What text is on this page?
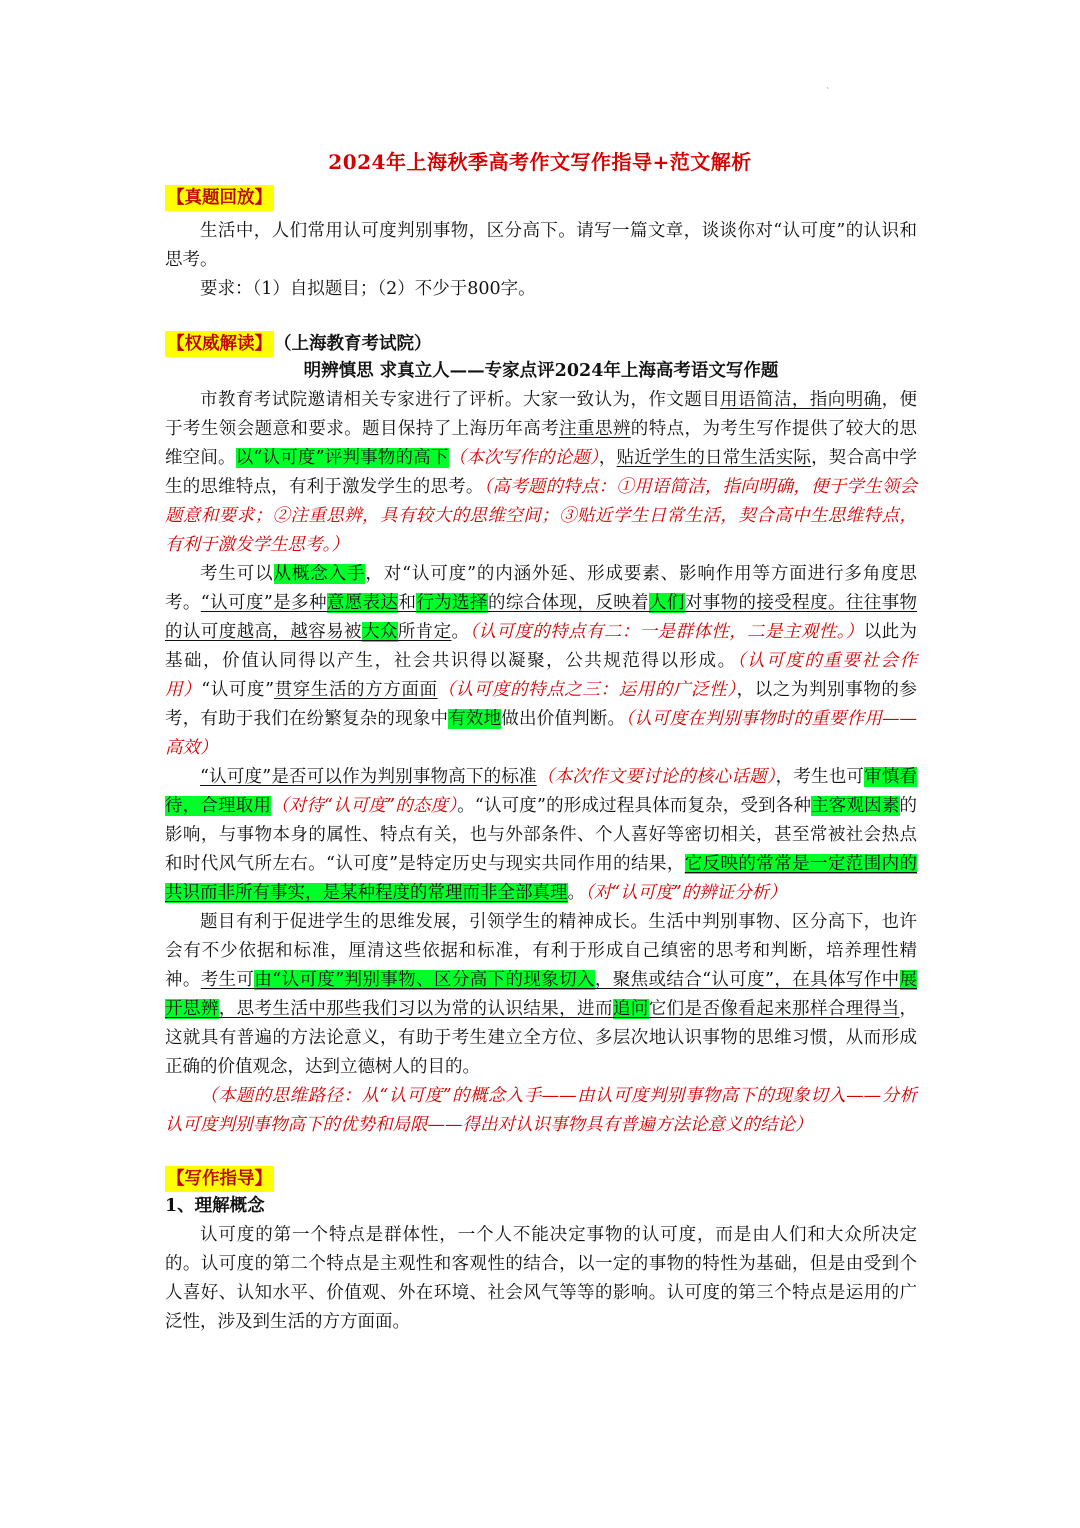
`
2024年上海秋季高考作文写作指导+范文解析
【真题回放】

生活中，人们常用认可度判别事物，区分高下。请写一篇文章，谈谈你对“认可度”的认识和思考。

要求：（1）自拟题目；（2）不少于800字。

【权威解读】 （上海教育考试院）

明辨慎思 求真立人——专家点评2024年上海高考语文写作题

市教育考试院邀请相关专家进行了评析。大家一致认为，作文题目用语简洁，指向明确，便于考生领会题意和要求。题目保持了上海历年高考注重思辨的特点，为考生写作提供了较大的思维空间。以“认可度”评判事物的高下（本次写作的论题），贴近学生的日常生活实际，契合高中学生的思维特点，有利于激发学生的思考。（高考题的特点：①用语简洁，指向明确，便于学生领会题意和要求；②注重思辨，具有较大的思维空间；③贴近学生日常生活，契合高中生思维特点，有利于激发学生思考。）

考生可以从概念入手，对“认可度”的内涵外延、形成要素、影响作用等方面进行多角度思考。“认可度”是多种意愿表达和行为选择的综合体现，反映着人们对事物的接受程度。往往事物的认可度越高，越容易被大众所肯定。（认可度的特点有二：一是群体性，二是主观性。）以此为基础，价值认同得以产生，社会共识得以凝聚，公共规范得以形成。（认可度的重要社会作用）“认可度”贯穿生活的方方面面（认可度的特点之三：运用的广泛性），以之为判别事物的参考，有助于我们在纷繁复杂的现象中有效地做出价值判断。（认可度在判别事物时的重要作用——高效）

“认可度”是否可以作为判别事物高下的标准（本次作文要讨论的核心话题），考生也可审慎看待，合理取用（对待“认可度”的态度）。“认可度”的形成过程具体而复杂，受到各种主客观因素的影响，与事物本身的属性、特点有关，也与外部条件、个人喜好等密切相关，甚至常被社会热点和时代风气所左右。“认可度”是特定历史与现实共同作用的结果，它反映的常常是一定范围内的共识而非所有事实，是某种程度的常理而非全部真理。（对“认可度”的辨证分析）

题目有利于促进学生的思维发展，引领学生的精神成长。生活中判别事物、区分高下，也许会有不少依据和标准，厘清这些依据和标准，有利于形成自己缜密的思考和判断，培养理性精神。考生可由“认可度”判别事物、区分高下的现象切入，聚焦或结合“认可度”，在具体写作中展开思辨，思考生活中那些我们习以为常的认识结果，进而追问它们是否像看起来那样合理得当，这就具有普遍的方法论意义，有助于考生建立全方位、多层次地认识事物的思维习惯，从而形成正确的价值观念，达到立德树人的目的。

（本题的思维路径：从“认可度”的概念入手——由认可度判别事物高下的现象切入——分析认可度判别事物高下的优势和局限——得出对认识事物具有普遍方法论意义的结论）

【写作指导】
1、理解概念

认可度的第一个特点是群体性，一个人不能决定事物的认可度，而是由人们和大众所决定的。认可度的第二个特点是主观性和客观性的结合，以一定的事物的特性为基础，但是由受到个人喜好、认知水平、价值观、外在环境、社会风气等等的影响。认可度的第三个特点是运用的广泛性，涉及到生活的方方面面。
